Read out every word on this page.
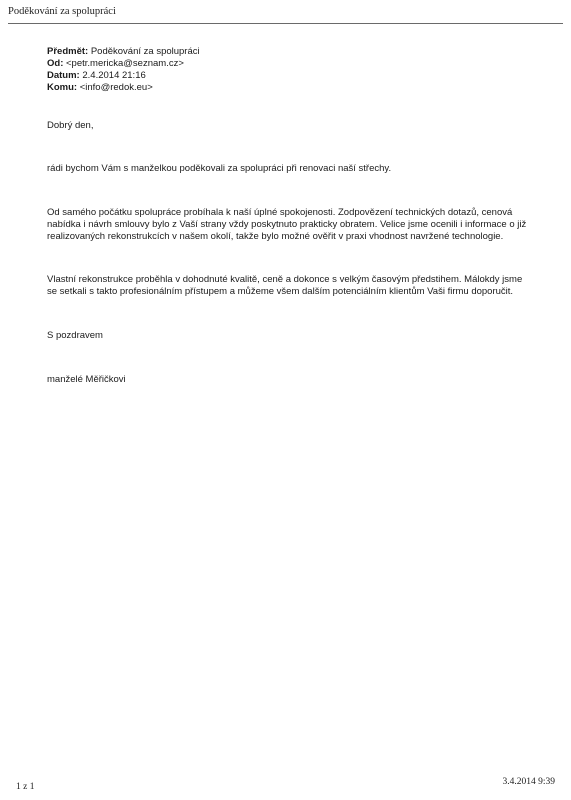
Poděkování za spolupráci
Předmět: Poděkování za spolupráci
Od: <petr.mericka@seznam.cz>
Datum: 2.4.2014 21:16
Komu: <info@redok.eu>

Dobrý den,

rádi bychom Vám s manželkou poděkovali za spolupráci při renovaci naší střechy.

Od samého počátku spolupráce probíhala k naší úplné spokojenosti. Zodpovězení technických dotazů, cenová nabídka i návrh smlouvy bylo z Vaší strany vždy poskytnuto prakticky obratem. Velice jsme ocenili i informace o již realizovaných rekonstrukcích v našem okolí, takže bylo možné ověřit v praxi vhodnost navržené technologie.

Vlastní rekonstrukce proběhla v dohodnuté kvalitě, ceně a dokonce s velkým časovým předstihem. Málokdy jsme se setkali s takto profesionálním přístupem a můžeme všem dalším potenciálním klientům Vaši firmu doporučit.

S pozdravem

manželé Měřičkovi

1 z 1	3.4.2014 9:39
